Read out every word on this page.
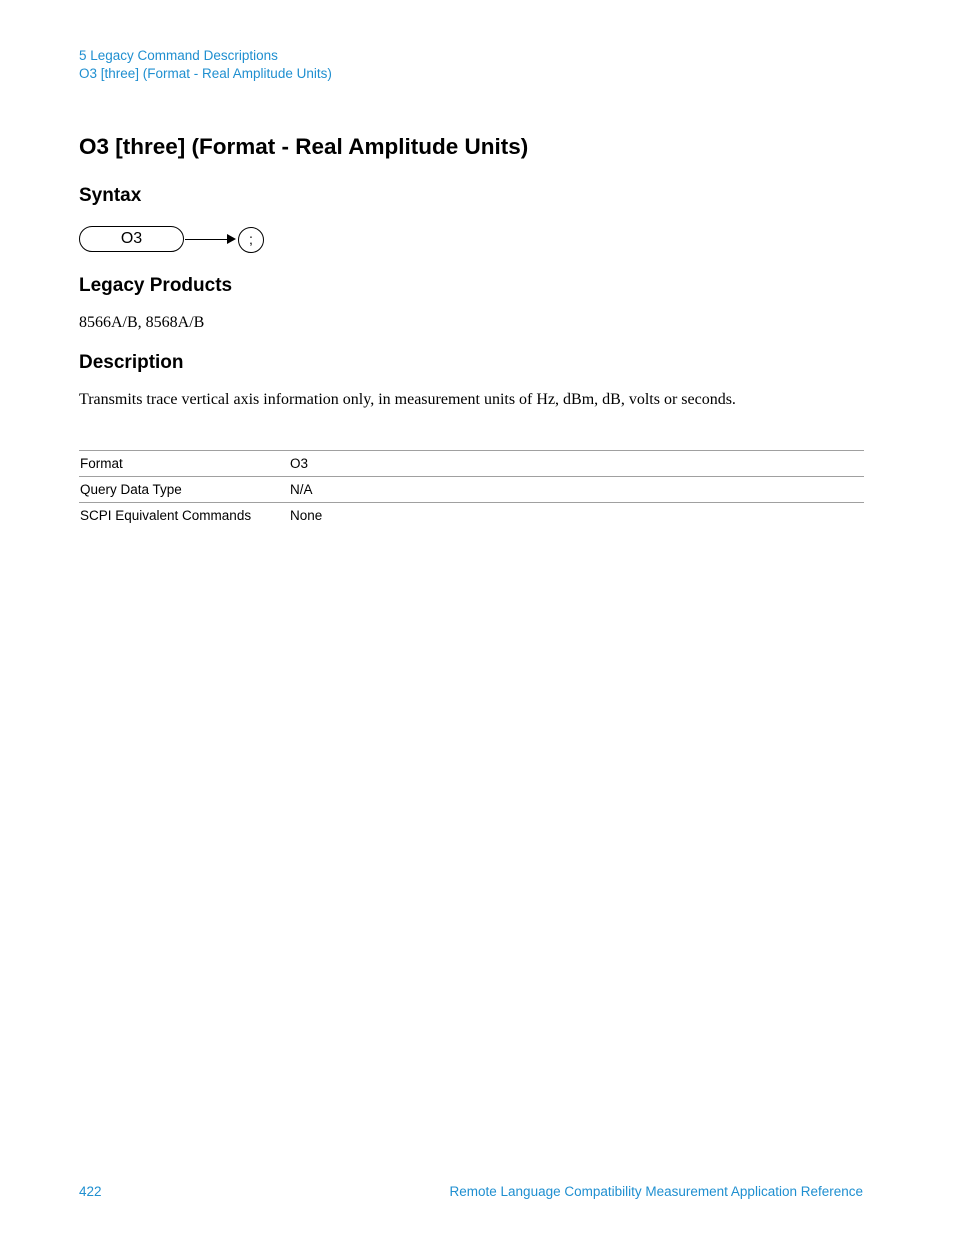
5 Legacy Command Descriptions
O3 [three] (Format - Real Amplitude Units)
O3 [three] (Format - Real Amplitude Units)
Syntax
O3	;
Legacy Products

8566A/B, 8568A/B

Description

Transmits trace vertical axis information only, in measurement units of Hz, dBm, dB, volts or seconds.

Format	O3
Query Data Type	N/A
SCPI Equivalent Commands	None
422	Remote Language Compatibility Measurement Application Reference
